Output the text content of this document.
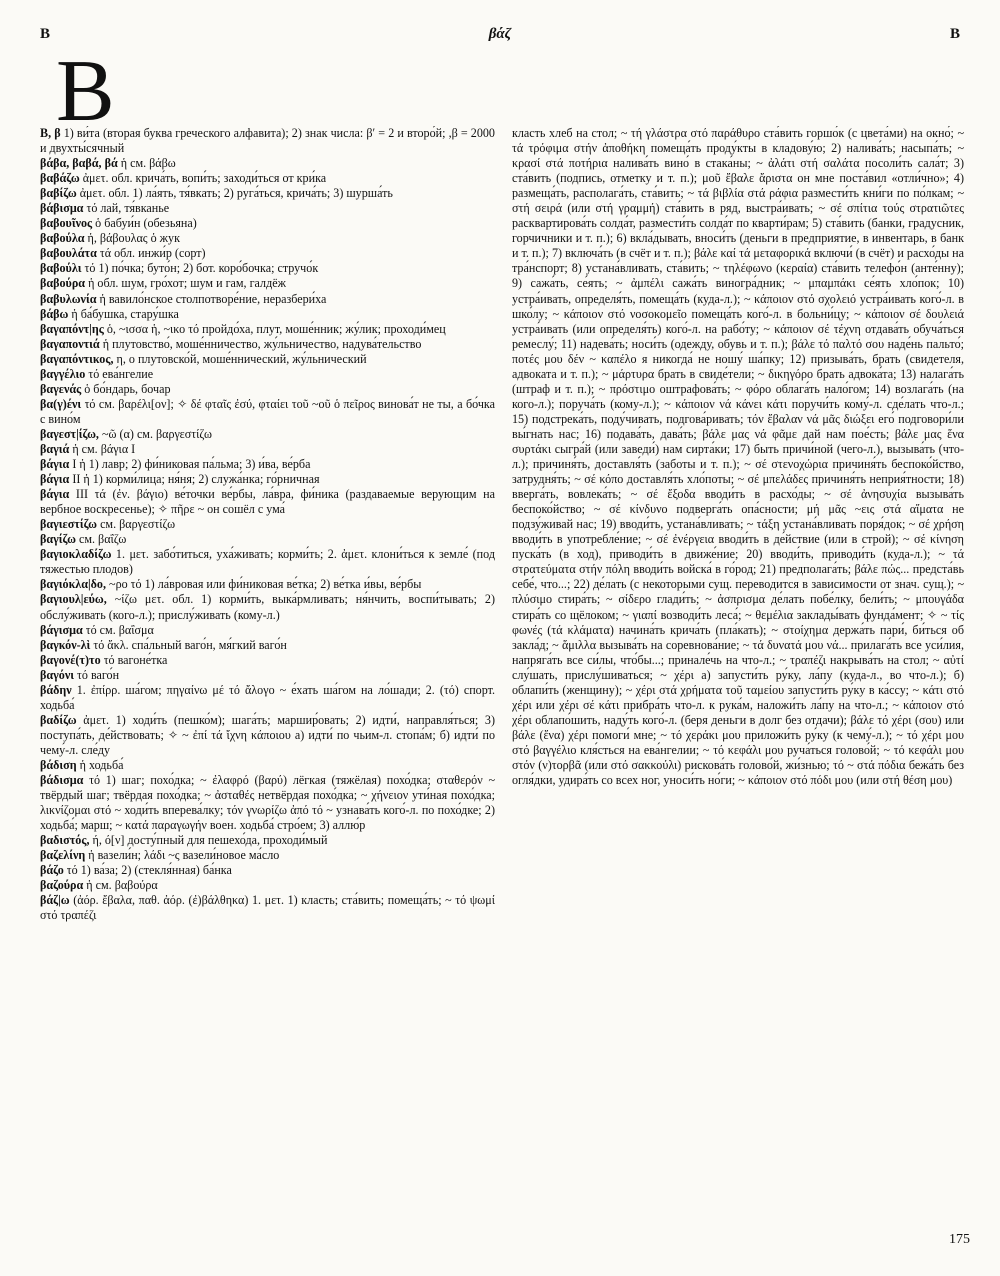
В	βάζ	В
В

Β, β 1) ви́та (вторая буква греческого алфавита); 2) знак числа: β′ = 2 и второ́й; ,β = 2000 и двухты́сячный

βάβα, βαβά, βά ἡ см. βάβω

βαβάζω ἀμετ. обл. крича́ть, вопи́ть; заходи́ться от кри́ка

βαβίζω ἀμετ. обл. 1) ла́ять, тя́вкать; 2) руга́ться, крича́ть; 3) шурша́ть

βάβισμα τό лай, тя́вканье

βαβουῖνος ὁ бабуи́н (обезьяна)

βαβούλα ἡ, βάβουλας ὁ жук

βαβουλάτα τά обл. инжи́р (сорт)

βαβούλι τό 1) по́чка; буто́н; 2) бот. коро́бочка; стручо́к

βαβούρα ἡ обл. шум, гро́хот; шум и гам, галдёж

βαβυλωνία ἡ вавило́нское столпотворе́ние, неразбери́ха

βάβω ἡ ба́бушка, стару́шка

βαγαπόντ|ης ὁ, ~ισσα ἡ, ~ικο τό пройдо́ха, плут, моше́нник; жу́лик; проходи́мец

βαγαποντιά ἡ плутовство́, моше́нничество, жу́льничество, надува́тельство

βαγαπόντικος, η, ο плутовско́й, моше́ннический, жу́льнический

βαγγέλιο τό ева́нгелие

βαγενάς ὁ бо́ндарь, бочар

βα(γ)ένι τό см. βαρέλι[ον]; ✧ δέ φταῖς ἐσύ, φταίει τοῦ ~οῦ ὁ πεῖρος винова́т не ты, а бо́чка с вино́м

βαγεστ|ίζω, ~ῶ (α) см. βαργεστίζω

βαγιά ἡ см. βάγια I

βάγια I ἡ 1) лавр; 2) фи́никовая па́льма; 3) и́ва, ве́рба

βάγια II ἡ 1) корми́лица; ня́ня; 2) служа́нка; го́рничная

βάγια III τά (ἐν. βάγιο) ве́точки ве́рбы, ла́вра, фи́ника (раздаваемые верующим на вербное воскресенье); ✧ πῆρε ~ он сошёл с ума́

βαγιεστίζω см. βαργεστίζω

βαγίζω см. βαΐζω

βαγιοκλαδίζω 1. μετ. забо́титься, уха́живать; корми́ть; 2. ἀμετ. клони́ться к земле́ (под тяжестью плодов)

βαγιόκλα|δο, ~ρο τό 1) ла́вровая или фи́никовая ве́тка; 2) ве́тка и́вы, ве́рбы

βαγιουλ|εύω, ~ίζω μετ. обл. 1) корми́ть, выка́рмливать; ня́нчить, воспи́тывать; 2) обслу́живать (кого-л.); прислу́живать (кому-л.)

βάγισμα τό см. βαΐσμα

βαγκόν-λὶ τό ἄκλ. спа́льный ваго́н, мя́гкий ваго́н

βαγονέ(τ)το τό вагоне́тка

βαγόνι τό ваго́н

βάδην 1. ἐπίρρ. ша́гом; πηγαίνω μέ τό ἄλογο ~ е́хать ша́гом на ло́шади; 2. (τό) спорт. ходьба́

βαδίζω ἀμετ. 1) ходи́ть (пешко́м); шага́ть; маршир́овать; 2) идти́, направля́ться; 3) поступа́ть, де́йствовать; ✧ ~ ἐπί τά ἴχνη κάποιου а) идти́ по чьим-л. стопа́м; б) идти́ по чему́-л. сле́ду

βάδιση ἡ ходьба́

βάδισμα τό 1) шаг; похо́дка; ~ ἐλαφρό (βαρύ) лёгкая (тяжёлая) похо́дка; σταθερόν ~ твёрдый шаг; твёрдая похо́дка; ~ ἀσταθές нетвёрдая похо́дка; ~ χήνειον ути́ная похо́дка; λικνίζομαι στό ~ ходи́ть вперева́лку; τόν γνωρίζω ἀπό τό ~ узнава́ть кого́-л. по похо́дке; 2) ходьба́; марш; ~ κατά παραγωγήν воен. ходьба́ стро́ем; 3) аллю́р

βαδιστός, ή, ό[ν] досту́пный для пешехо́да, проходи́мый

βαζελίνη ἡ вазели́н; λάδι ~ς вазели́новое ма́сло

βάζο τό 1) ва́за; 2) (стекля́нная) ба́нка

βαζούρα ἡ см. βαβούρα

βάζ|ω (ἀόρ. ἔβαλα, παθ. ἀόρ. (ἐ)βάλθηκα) 1. μετ. 1) класть; ста́вить; помеща́ть; ~ τό ψωμί στό τραπέζι

класть хлеб на стол; ~ τή γλάστρα στό παράθυρο ста́вить горшо́к (с цвета́ми) на окно́; ~ τά τρόφιμα στήν ἀποθήκη помеща́ть проду́кты в кладову́ю; 2) налива́ть; насыпа́ть; ~ κρασί στά ποτήρια налива́ть вино́ в стака́ны; ~ ἀλάτι στή σαλάτα посоли́ть сала́т; 3) ста́вить (подпись, отметку и т. п.); μοῦ ἔβαλε ἄριστα он мне поста́вил «отли́чно»; 4) размеща́ть, располага́ть, ста́вить; ~ τά βιβλία στά ράφια размести́ть кни́ги по по́лкам; ~ στή σειρά (или στή γραμμή) ста́вить в ряд, выстра́ивать; ~ σέ σπίτια τούς στρατιῶτες расквартирова́ть солда́т, размести́ть солда́т по кварти́рам; 5) ста́вить (банки, градусник, горчичники и т. п.); 6) вкла́дывать, вноси́ть (деньги в предприятие, в инвентарь, в банк и т. п.); 7) включа́ть (в счёт и т. п.); βάλε καί τά μεταφορικά включи́ (в счёт) и расхо́ды на тра́нспорт; 8) устана́вливать, ста́вить; ~ τηλέφωνο (κεραία) ста́вить телефо́н (анте́нну); 9) сажа́ть, се́ять; ~ ἀμπέλι сажа́ть виногра́дник; ~ μπαμπάκι се́ять хло́пок; 10) устра́ивать, определя́ть, помеща́ть (куда-л.); ~ κάποιον στό σχολειό устра́ивать кого́-л. в шко́лу; ~ κάποιον στό νοσοκομεῖο помеща́ть кого́-л. в больни́цу; ~ κάποιον σέ δουλειά устра́ивать (или определя́ть) кого́-л. на рабо́ту; ~ κάποιον σέ τέχνη отдава́ть обуча́ться ремеслу́; 11) надева́ть; носи́ть (одежду, обувь и т. п.); βάλε τό παλτό σου наде́нь пальто́; ποτές μου δέν ~ καπέλο я никогда́ не ношу́ ша́пку; 12) призыва́ть, брать (свидетеля, адвоката и т. п.); ~ μάρτυρα брать в свиде́тели; ~ δικηγόρο брать адвока́та; 13) налага́ть (штраф и т. п.); ~ πρόστιμο оштрафова́ть; ~ φόρο облага́ть нало́гом; 14) возлага́ть (на кого-л.); поруча́ть (кому-л.); ~ κάποιον νά κάνει κάτι поручи́ть кому́-л. сде́лать что-л.; 15) подстрека́ть, поду́чивать, подгова́ривать; τόν ἔβαλαν νά μᾶς διώξει его́ подговори́ли вы́гнать нас; 16) подава́ть, дава́ть; βάλε μας νά φᾶμε дай нам пое́сть; βάλε μας ἕνα συρτάκι сыгра́й (или заведи́) нам сирта́ки; 17) быть причи́ной (чего-л.), вызыва́ть (что-л.); причиня́ть, доставля́ть (заботы и т. п.); ~ σέ στενοχώρια причиня́ть беспоко́йство, затрудня́ть; ~ σέ κόπο доставля́ть хло́поты; ~ σέ μπελάδες причиня́ть неприя́тности; 18) вверга́ть, вовлека́ть; ~ σέ ἔξοδα вводи́ть в расхо́ды; ~ σέ ἀνησυχία вызыва́ть беспоко́йство; ~ σέ κίνδυνο подверга́ть опа́сности; μή μᾶς ~εις στά αἵματα не подзу́живай нас; 19) вводи́ть, устана́вливать; ~ τάξη устана́вливать поря́док; ~ σέ χρήση вводи́ть в употребле́ние; ~ σέ ἐνέργεια вводи́ть в де́йствие (или в строй); ~ σέ κίνηση пуска́ть (в ход), приводи́ть в движе́ние; 20) вводи́ть, приводи́ть (куда-л.); ~ τά στρατεύματα στήν πόλη вводи́ть войска́ в го́род; 21) предполага́ть; βάλε πώς... предста́вь себе́, что...; 22) де́лать (с некоторыми сущ. переводится в зависимости от знач. сущ.); ~ πλύσιμο стира́ть; ~ σίδερο глади́ть; ~ ἀσπρισμα де́лать побе́лку, бели́ть; ~ μπουγάδα стира́ть со щёлоком; ~ γιαπί возводи́ть леса́; ~ θεμέλια заклады́вать фунда́мент; ✧ ~ τίς φωνές (τά κλάματα) начина́ть крича́ть (пла́кать); ~ στοίχημα держа́ть пари́, би́ться об закла́д; ~ ἅμιλλα вызыва́ть на соревнова́ние; ~ τά δυνατά μου νά... прилага́ть все уси́лия, напряга́ть все си́лы, что́бы...; принале́чь на что-л.; ~ τραπέζι накрыва́ть на стол; ~ αὐτί слу́шать, прислу́шиваться; ~ χέρι а) запусти́ть ру́ку, ла́пу (куда-л., во что-л.); б) облапи́ть (женщину); ~ χέρι στά χρήματα τοῦ ταμείου запусти́ть ру́ку в ка́ссу; ~ κάτι στό χέρι или χέρι σέ κάτι прибра́ть что-л. к рука́м, наложи́ть ла́пу на что-л.; ~ κάποιον στό χέρι облапо́шить, наду́ть кого́-л. (беря деньги в долг без отдачи); βάλε τό χέρι (σου) или βάλε (ἕνα) χέρι помоги́ мне; ~ τό χεράκι μου приложи́ть ру́ку (к чему́-л.); ~ τό χέρι μου στό βαγγέλιο кля́сться на ева́нгелии; ~ τό κεφάλι μου руча́ться голово́й; ~ τό κεφάλι μου στόν (ν)τορβᾶ (или στό σακκούλι) рискова́ть голово́й, жи́знью; τό ~ στά πόδια бежа́ть без огля́дки, удира́ть со всех ног, уноси́ть но́ги; ~ κάποιον στό πόδι μου (или στή θέση μου)

175
